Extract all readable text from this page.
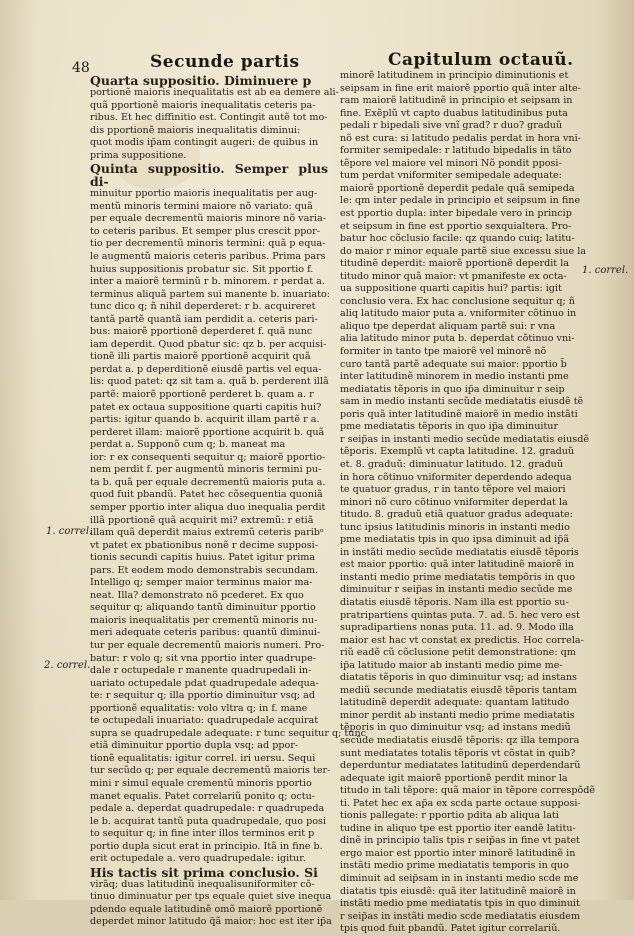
48	Secunde partis	Capitulum octauũ.
1. correl.
2. correl.
1. correl.
Quarta suppositio. Diminuere p
portionẽ maioris inequalitatis est ab ea demere ali-
quã pportionẽ maioris inequalitatis ceteris pa-
ribus. Et hec diffinitio est. Contingit autẽ tot mo-
dis pportionẽ maioris inequalitatis diminui:
quot modis ip̃am contingit augeri: de quibus in
prima suppositione.
Quinta suppositio. Semper plus di-
minuitur pportio maioris inequalitatis per aug-
mentũ minoris termini maiore nõ variato: quã
per equale decrementũ maioris minore nõ varia-
to ceteris paribus. Et semper plus crescit ppor-
tio per decrementũ minoris termini: quã p equa-
le augmentũ maioris ceteris paribus. Prima pars
huius suppositionis probatur sic. Sit pportio f.
inter a maiorẽ terminũ r b. minorem. r perdat a.
terminus aliquã partem sui manente b. inuariato:
tunc dico q; ñ nihil deperderet: r b. acquireret
tantã partẽ quantã iam perdidit a. ceteris pari-
bus: maiorẽ pportionẽ deperderet f. quã nunc
iam deperdit. Quod pbatur sic: qz b. per acquisi-
tionẽ illi partis maiorẽ pportionẽ acquirit quã
perdat a. p deperditionẽ eiusdẽ partis vel equa-
lis: quod patet: qz sit tam a. quã b. perderent illã
partẽ: maiorẽ pportionẽ perderet b. quam a. r
patet ex octaua suppositione quarti capitis hui?
partis: igitur quando b. acquirit illam partẽ r a.
perderet illam: maiorẽ pportione acquirit b. quã
perdat a. Supponõ cum q; b. maneat ma
ior: r ex consequenti sequitur q; maiorẽ pportio-
nem perdit f. per augmentũ minoris termini pu-
ta b. quã per equale decrementũ maioris puta a.
quod fuit pbandũ. Patet hec cõsequentia quoniã
semper pportio inter aliqua duo inequalia perdit
illã pportionẽ quã acquirit mi? extremũ: r etiã
illam quã deperdit maius extremũ ceteris paribᵒ
vt patet ex pbationibus nonẽ r decime supposi-
tionis secundi capitis huius. Patet igitur prima
pars. Et eodem modo demonstrabis secundam.
Intelligo q; semper maior terminus maior ma-
neat. Illa? demonstrato nõ pcederet. Ex quo
sequitur q; aliquando tantũ diminuitur pportio
maioris inequalitatis per crementũ minoris nu-
meri adequate ceteris paribus: quantũ diminui-
tur per equale decrementũ maioris numeri. Pro-
batur: r volo q; sit vna pportio inter quadrupe-
dale r octupedale r manente quadrupedali in-
uariato octupedale pdat quadrupedale adequa-
te: r sequitur q; illa pportio diminuitur vsq; ad
pportionẽ equalitatis: volo vltra q; in f. mane
te octupedali inuariato: quadrupedale acquirat
supra se quadrupedale adequate: r tunc sequitur q; tunc
etiã diminuitur pportio dupla vsq; ad ppor-
tionẽ equalitatis: igitur correl. iri uersu. Sequi
tur secũdo q; per equale decrementũ maioris ter-
mini r simul equale crementũ minoris pportio
manet equalis. Patet correlariũ ponito q; octu-
pedale a. deperdat quadrupedale: r quadrupeda
le b. acquirat tantũ puta quadrupedale, quo posi
to sequitur q; in fine inter illos terminos erit p
portio dupla sicut erat in principio. Itã in fine b.
erit octupedale a. vero quadrupedale: igitur.
His tactis sit prima conclusio. Si
virãq; duas latitudinũ inequalisuniformiter cõ-
tinuo diminuatur per tps equale quiet sive inequa
pdendo equale latitudinẽ omõ maiorẽ pportionẽ
deperdet minor latitudo q̃ã maior: hoc est iter ip̃a
minorẽ latitudinem in principio diminutionis et
seipsam in fine erit maiorẽ pportio quã inter alte-
ram maiorẽ latitudinẽ in principio et seipsam in
fine. Exẽplũ vt capto duabus latitudinibus puta
pedali r bipedali sive vnĩ grad? r duo? graduũ
nõ est cura: si latitudo pedalis perdat in hora vni-
formiter semipedale: r latitudo bipedalis in tãto
tẽpore vel maiore vel minori Nõ pondit pposi-
tum perdat vniformiter semipedale adequate:
maiorẽ pportionẽ deperdit pedale quã semipeda
le: qm inter pedale in principio et seipsum in fine
est pportio dupla: inter bipedale vero in princip
et seipsum in fine est pportio sexquialtera. Pro-
batur hoc cõclusio facile: qz quando cuiq; latitu-
do maior r minor equale partẽ siue excessu siue la
titudinẽ deperdit: maiorẽ pportionẽ deperdit la
titudo minor quã maior: vt pmanifeste ex octa-
ua suppositione quarti capitis hui? partis: igit
conclusio vera. Ex hac conclusione sequitur q; ñ
aliq latitudo maior puta a. vniformiter cõtinuo in
aliquo tpe deperdat aliquam partẽ sui: r vna
alia latitudo minor puta b. deperdat cõtinuo vni-
formiter in tanto tpe maiorẽ vel minorẽ nõ
curo tantã partẽ adequate sui maior: pportio b̃
inter latitudinẽ minorem in medio instanti pme
mediatatis tẽporis in quo ip̃a diminuitur r seip
sam in medio instanti secũde mediatatis eiusdẽ tẽ
poris quã inter latitudinẽ maiorẽ in medio instãti
pme mediatatis tẽporis in quo ip̃a diminuitur
r seip̃as in instanti medio secũde mediatatis eiusdẽ
tẽporis. Exemplũ vt capta latitudine. 12. graduũ
et. 8. graduũ: diminuatur latitudo. 12. graduũ
in hora cõtinuo vniformiter deperdendo adequa
te quatuor gradus, r in tanto tẽpore vel maiori
minori nõ curo cõtinuo vniformiter deperdat la
titudo. 8. graduũ etiã quatuor gradus adequate:
tunc ipsius latitudinis minoris in instanti medio
pme mediatatis tpis in quo ipsa diminuit ad ip̃ã
in instãti medio secũde mediatatis eiusdẽ tẽporis
est maior pportio: quã inter latitudinẽ maiorẽ in
instanti medio prime mediatatis tempõris in quo
diminuitur r seip̃as in instanti medio secũde me
diatatis eiusdẽ tẽporis. Nam illa est pportio su-
pratripartiens quintas puta. 7. ad. 5. hec vero est
supradipartiens nonas puta. 11. ad. 9. Modo illa
maior est hac vt constat ex predictis. Hoc correla-
riũ eadẽ cũ cõclusione petit demonstratione: qm
ip̃a latitudo maior ab instanti medio pime me-
diatatis tẽporis in quo diminuitur vsq; ad instans
mediũ secunde mediatatis eiusdẽ tẽporis tantam
latitudinẽ deperdit adequate: quantam latitudo
minor perdit ab instanti medio prime mediatatis
tẽporis in quo diminuitur vsq; ad instans mediũ
secũde mediatatis eiusdẽ tẽporis: qz illa tempora
sunt mediatates totalis tẽporis vt cõstat in quib?
deperduntur mediatates latitudinũ deperdendarũ
adequate igit maiorẽ pportionẽ perdit minor la
titudo in tali tẽpore: quã maior in tẽpore correspõdẽ
ti. Patet hec ex ap̃a ex scda parte octaue supposi-
tionis pallegate: r pportio pdita ab aliqua lati
tudine in aliquo tpe est pportio iter eandẽ latitu-
dinẽ in principio talis tpis r seip̃as in fine vt patet
ergo maior est pportio inter minorẽ latitudinẽ in
instãti medio prime mediatatis temporis in quo
diminuit ad seip̃sam in in instanti medio scde me
diatatis tpis eiusdẽ: quã iter latitudinẽ maiorẽ in
instãti medio pme mediatatis tpis in quo diminuit
r seip̃as in instãti medio scde mediatatis eiusdem
tpis quod fuit pbandũ. Patet igitur correlariũ.
